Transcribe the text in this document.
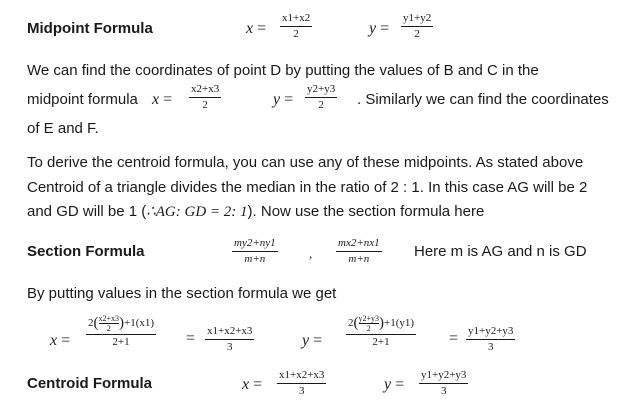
Midpoint Formula	x =
x1+x2
2	y =
y1+y2
2
We can find the coordinates of point D by putting the values of B and C in the
midpoint formula x =
x2+x3
2	y =
y2+y3
2 . Similarly we can find the coordinates
of E and F.
To derive the centroid formula, you can use any of these midpoints. As stated above
Centroid of a triangle divides the median in the ratio of 2 : 1. In this case AG will be 2
and GD will be 1 (∴AG: GD = 2: 1). Now use the section formula here
Section Formula	my2+ny1
m+n	,
mx2+nx1
m+n	Here m is AG and n is GD
By putting values in the section formula we get
x =
2 ( x2+x3
2 ) +1(x1)
2+1	= x1+x2+x3
3	y =
2 ( y2+y3
2 ) +1(y1)
2+1	= y1+y2+y3
3
Centroid Formula	x =
x1+x2+x3
3	y =
y1+y2+y3
3
